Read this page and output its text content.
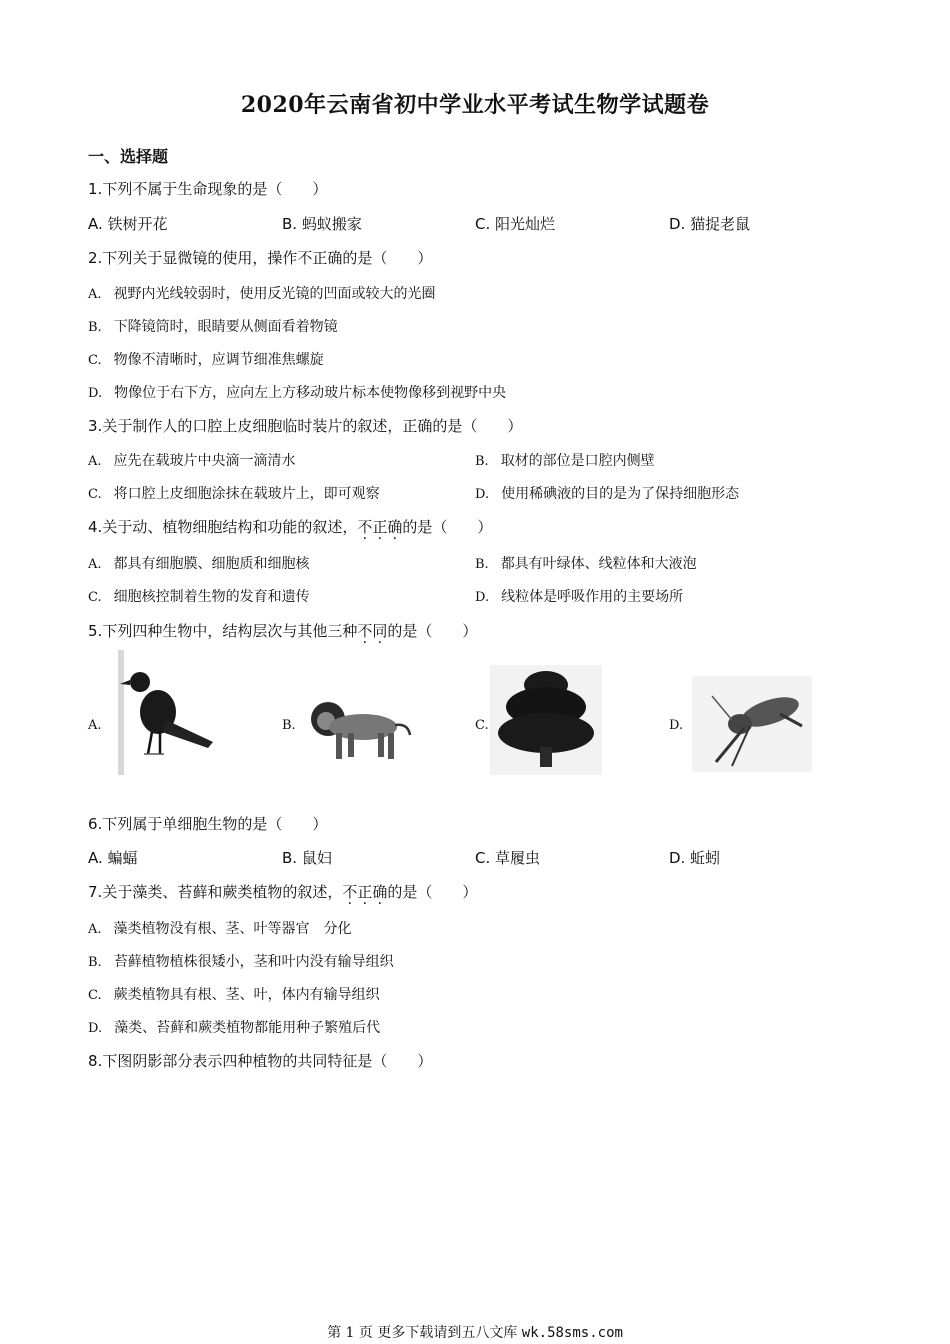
2020年云南省初中学业水平考试生物学试题卷
一、选择题
1.下列不属于生命现象的是（　　）
A. 铁树开花	B. 蚂蚁搬家	C. 阳光灿烂	D. 猫捉老鼠
2.下列关于显微镜的使用，操作不正确的是（　　）
A. 视野内光线较弱时，使用反光镜的凹面或较大的光圈
B. 下降镜筒时，眼睛要从侧面看着物镜
C. 物像不清晰时，应调节细准焦螺旋
D. 物像位于右下方，应向左上方移动玻片标本使物像移到视野中央
3.关于制作人的口腔上皮细胞临时装片的叙述，正确的是（　　）
A. 应先在载玻片中央滴一滴清水	B. 取材的部位是口腔内侧壁
C. 将口腔上皮细胞涂抹在载玻片上，即可观察	D. 使用稀碘液的目的是为了保持细胞形态
4.关于动、植物细胞结构和功能的叙述，不正确的是（　　）
A. 都具有细胞膜、细胞质和细胞核	B. 都具有叶绿体、线粒体和大液泡
C. 细胞核控制着生物的发育和遗传	D. 线粒体是呼吸作用的主要场所
5.下列四种生物中，结构层次与其他三种不同的是（　　）
A.	B.	C.	D.
6.下列属于单细胞生物的是（　　）
A. 蝙蝠	B. 鼠妇	C. 草履虫	D. 蚯蚓
7.关于藻类、苔藓和蕨类植物的叙述，不正确的是（　　）
A. 藻类植物没有根、茎、叶等器官　分化
B. 苔藓植物植株很矮小，茎和叶内没有输导组织
C. 蕨类植物具有根、茎、叶，体内有输导组织
D. 藻类、苔藓和蕨类植物都能用种子繁殖后代
8.下图阴影部分表示四种植物的共同特征是（　　）
第 1 页 更多下载请到五八文库 wk.58sms.com
